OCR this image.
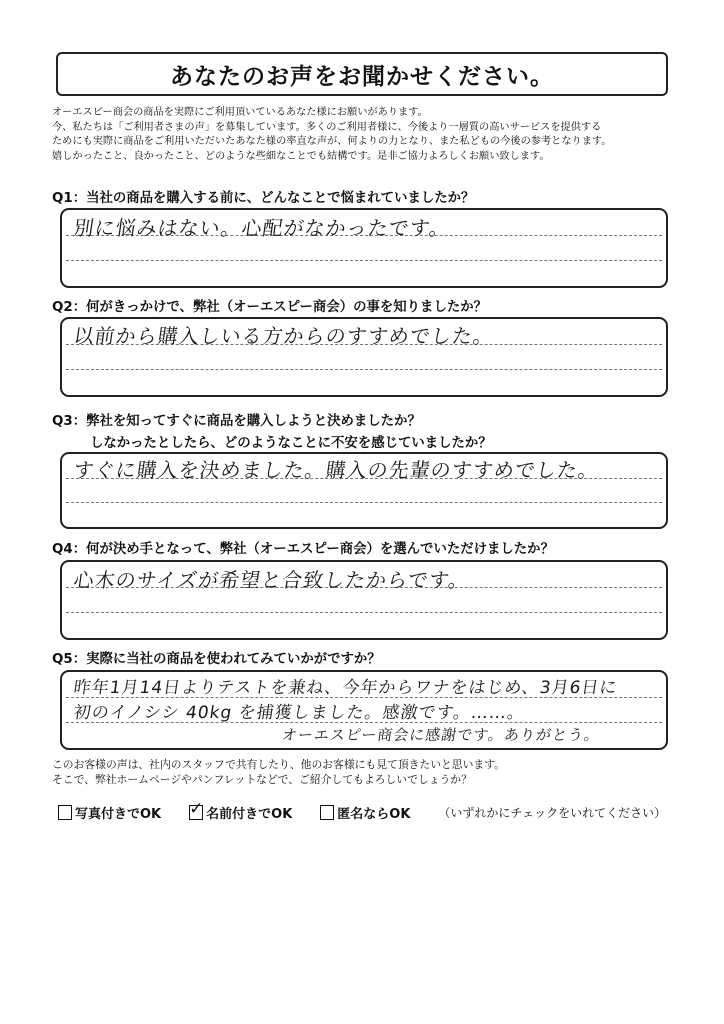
あなたのお声をお聞かせください。
オーエスピー商会の商品を実際にご利用頂いているあなた様にお願いがあります。
今、私たちは「ご利用者さまの声」を募集しています。多くのご利用者様に、今後より一層質の高いサービスを提供する
ためにも実際に商品をご利用いただいたあなた様の率直な声が、何よりの力となり、また私どもの今後の参考となります。
嬉しかったこと、良かったこと、どのような些細なことでも結構です。是非ご協力よろしくお願い致します。
Q1：当社の商品を購入する前に、どんなことで悩まれていましたか？
別に悩みはない。心配がなかったです。
Q2：何がきっかけで、弊社（オーエスピー商会）の事を知りましたか？
以前から購入しいる方からのすすめでした。
Q3：弊社を知ってすぐに商品を購入しようと決めましたか？
しなかったとしたら、どのようなことに不安を感じていましたか？
すぐに購入を決めました。購入の先輩のすすめでした。
Q4：何が決め手となって、弊社（オーエスピー商会）を選んでいただけましたか？
心木のサイズが希望と合致したからです。
Q5：実際に当社の商品を使われてみていかがですか？
昨年1月14日よりテストを兼ね、今年からワナをはじめ、3月6日に
初のイノシシ 40kg を捕獲しました。感激です。……。
オーエスピー商会に感謝です。ありがとう。
このお客様の声は、社内のスタッフで共有したり、他のお客様にも見て頂きたいと思います。
そこで、弊社ホームページやパンフレットなどで、ご紹介してもよろしいでしょうか？
写真付きでOK ✓ 名前付きでOK	匿名ならOK （いずれかにチェックをいれてください）
